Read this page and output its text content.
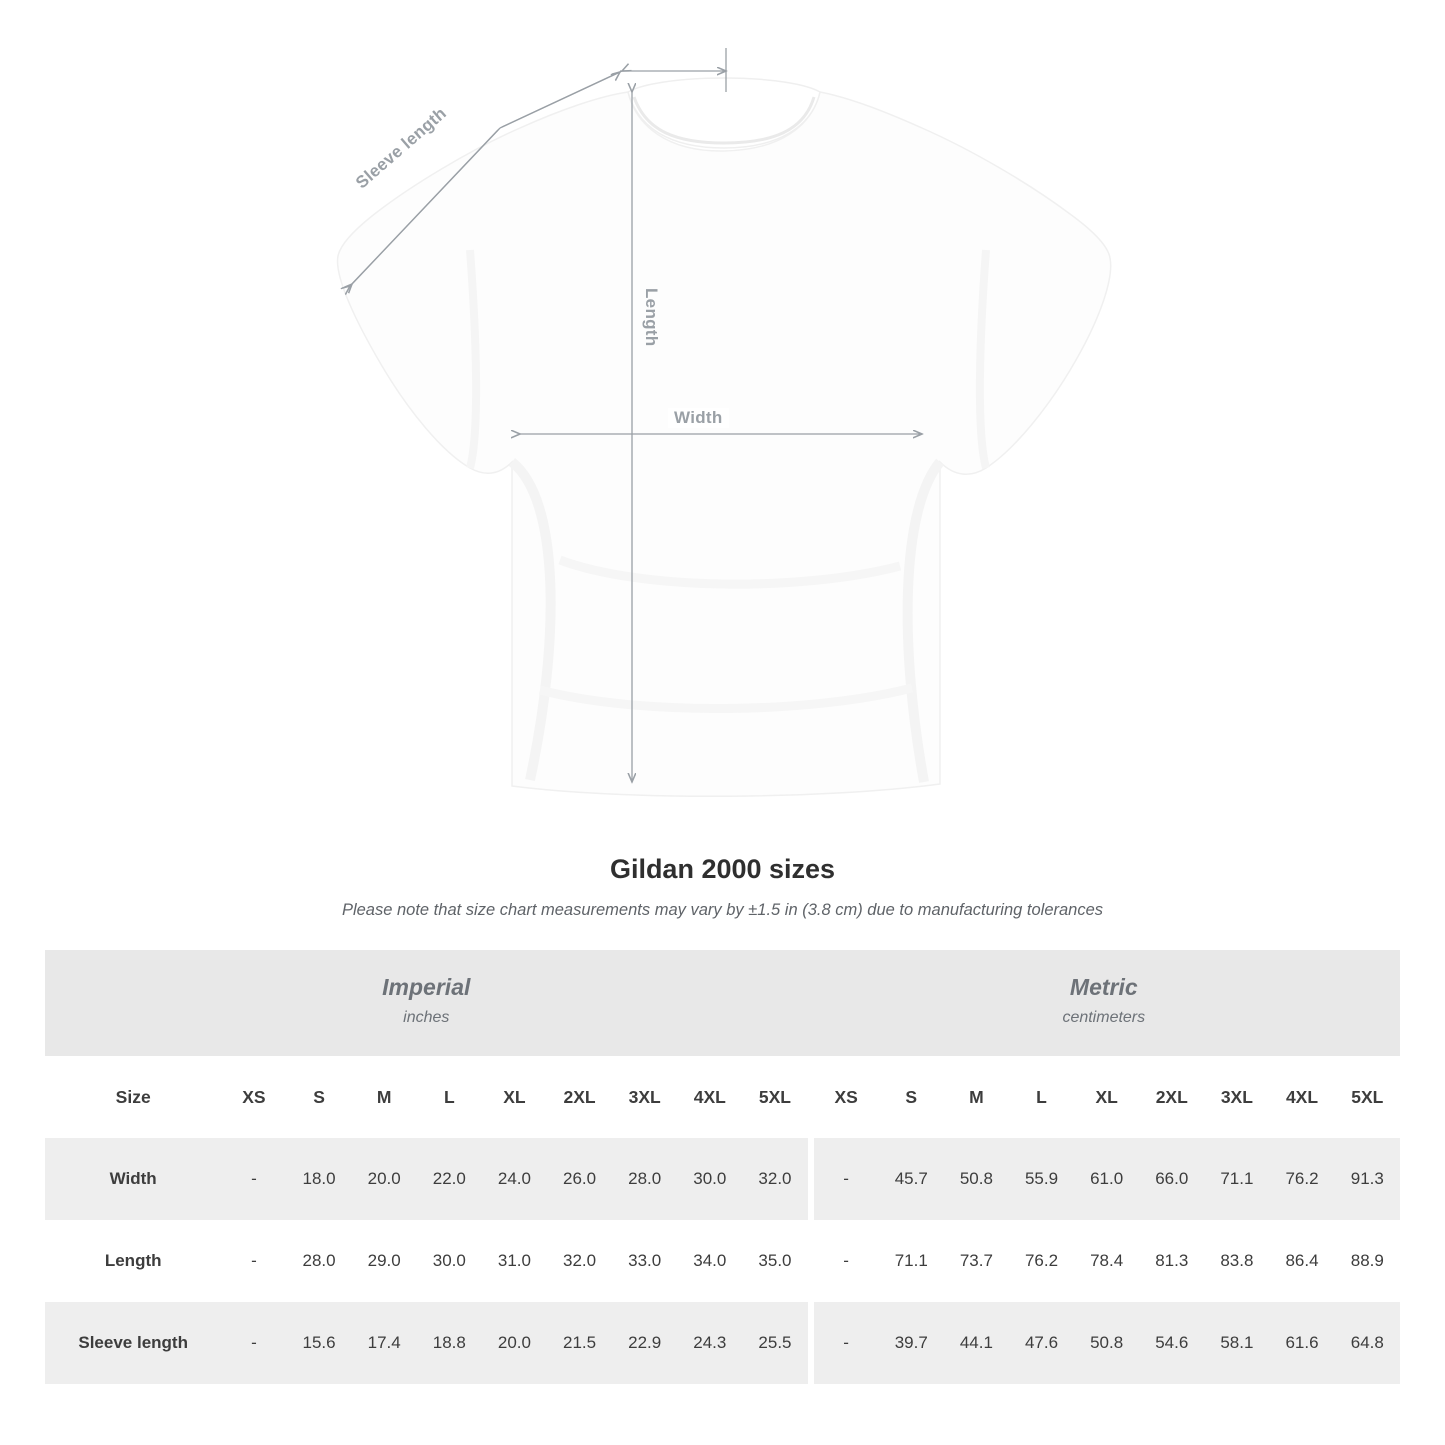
Sleeve length
Length
Width
Gildan 2000 sizes

Please note that size chart measurements may vary by ±1.5 in (3.8 cm) due to manufacturing tolerances

Imperial
inches

Metric
centimeters

Size	XS	S	M	L	XL	2XL	3XL	4XL	5XL		XS	S	M	L	XL	2XL	3XL	4XL	5XL
Width	-	18.0	20.0	22.0	24.0	26.0	28.0	30.0	32.0		-	45.7	50.8	55.9	61.0	66.0	71.1	76.2	91.3
Length	-	28.0	29.0	30.0	31.0	32.0	33.0	34.0	35.0		-	71.1	73.7	76.2	78.4	81.3	83.8	86.4	88.9
Sleeve length	-	15.6	17.4	18.8	20.0	21.5	22.9	24.3	25.5		-	39.7	44.1	47.6	50.8	54.6	58.1	61.6	64.8
